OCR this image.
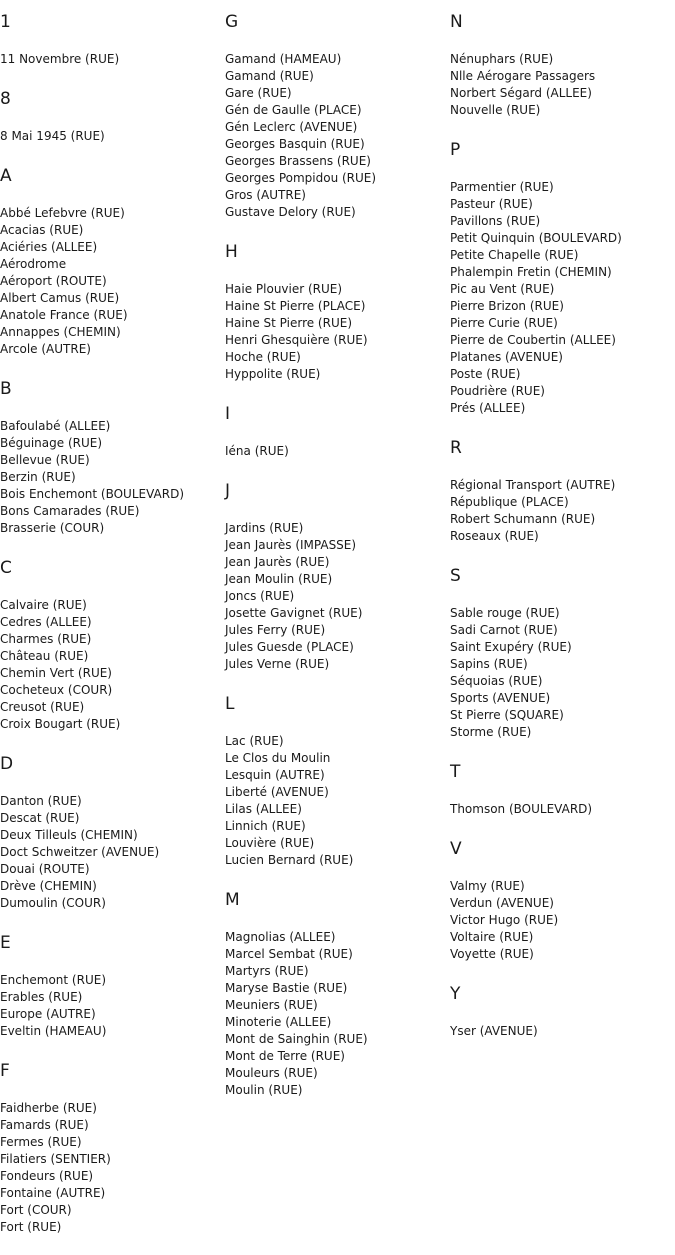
1
11 Novembre (RUE)
8
8 Mai 1945 (RUE)
A
Abbé Lefebvre (RUE)
Acacias (RUE)
Aciéries (ALLEE)
Aérodrome
Aéroport (ROUTE)
Albert Camus (RUE)
Anatole France (RUE)
Annappes (CHEMIN)
Arcole (AUTRE)
B
Bafoulabé (ALLEE)
Béguinage (RUE)
Bellevue (RUE)
Berzin (RUE)
Bois Enchemont (BOULEVARD)
Bons Camarades (RUE)
Brasserie (COUR)
C
Calvaire (RUE)
Cedres (ALLEE)
Charmes (RUE)
Château (RUE)
Chemin Vert (RUE)
Cocheteux (COUR)
Creusot (RUE)
Croix Bougart (RUE)
D
Danton (RUE)
Descat (RUE)
Deux Tilleuls (CHEMIN)
Doct Schweitzer (AVENUE)
Douai (ROUTE)
Drève (CHEMIN)
Dumoulin (COUR)
E
Enchemont (RUE)
Erables (RUE)
Europe (AUTRE)
Eveltin (HAMEAU)
F
Faidherbe (RUE)
Famards (RUE)
Fermes (RUE)
Filatiers (SENTIER)
Fondeurs (RUE)
Fontaine (AUTRE)
Fort (COUR)
Fort (RUE)
G
Gamand (HAMEAU)
Gamand (RUE)
Gare (RUE)
Gén de Gaulle (PLACE)
Gén Leclerc (AVENUE)
Georges Basquin (RUE)
Georges Brassens (RUE)
Georges Pompidou (RUE)
Gros (AUTRE)
Gustave Delory (RUE)
H
Haie Plouvier (RUE)
Haine St Pierre (PLACE)
Haine St Pierre (RUE)
Henri Ghesquière (RUE)
Hoche (RUE)
Hyppolite (RUE)
I
Iéna (RUE)
J
Jardins (RUE)
Jean Jaurès (IMPASSE)
Jean Jaurès (RUE)
Jean Moulin (RUE)
Joncs (RUE)
Josette Gavignet (RUE)
Jules Ferry (RUE)
Jules Guesde (PLACE)
Jules Verne (RUE)
L
Lac (RUE)
Le Clos du Moulin
Lesquin (AUTRE)
Liberté (AVENUE)
Lilas (ALLEE)
Linnich (RUE)
Louvière (RUE)
Lucien Bernard (RUE)
M
Magnolias (ALLEE)
Marcel Sembat (RUE)
Martyrs (RUE)
Maryse Bastie (RUE)
Meuniers (RUE)
Minoterie (ALLEE)
Mont de Sainghin (RUE)
Mont de Terre (RUE)
Mouleurs (RUE)
Moulin (RUE)
N
Nénuphars (RUE)
Nlle Aérogare Passagers
Norbert Ségard (ALLEE)
Nouvelle (RUE)
P
Parmentier (RUE)
Pasteur (RUE)
Pavillons (RUE)
Petit Quinquin (BOULEVARD)
Petite Chapelle (RUE)
Phalempin Fretin (CHEMIN)
Pic au Vent (RUE)
Pierre Brizon (RUE)
Pierre Curie (RUE)
Pierre de Coubertin (ALLEE)
Platanes (AVENUE)
Poste (RUE)
Poudrière (RUE)
Prés (ALLEE)
R
Régional Transport (AUTRE)
République (PLACE)
Robert Schumann (RUE)
Roseaux (RUE)
S
Sable rouge (RUE)
Sadi Carnot (RUE)
Saint Exupéry (RUE)
Sapins (RUE)
Séquoias (RUE)
Sports (AVENUE)
St Pierre (SQUARE)
Storme (RUE)
T
Thomson (BOULEVARD)
V
Valmy (RUE)
Verdun (AVENUE)
Victor Hugo (RUE)
Voltaire (RUE)
Voyette (RUE)
Y
Yser (AVENUE)
